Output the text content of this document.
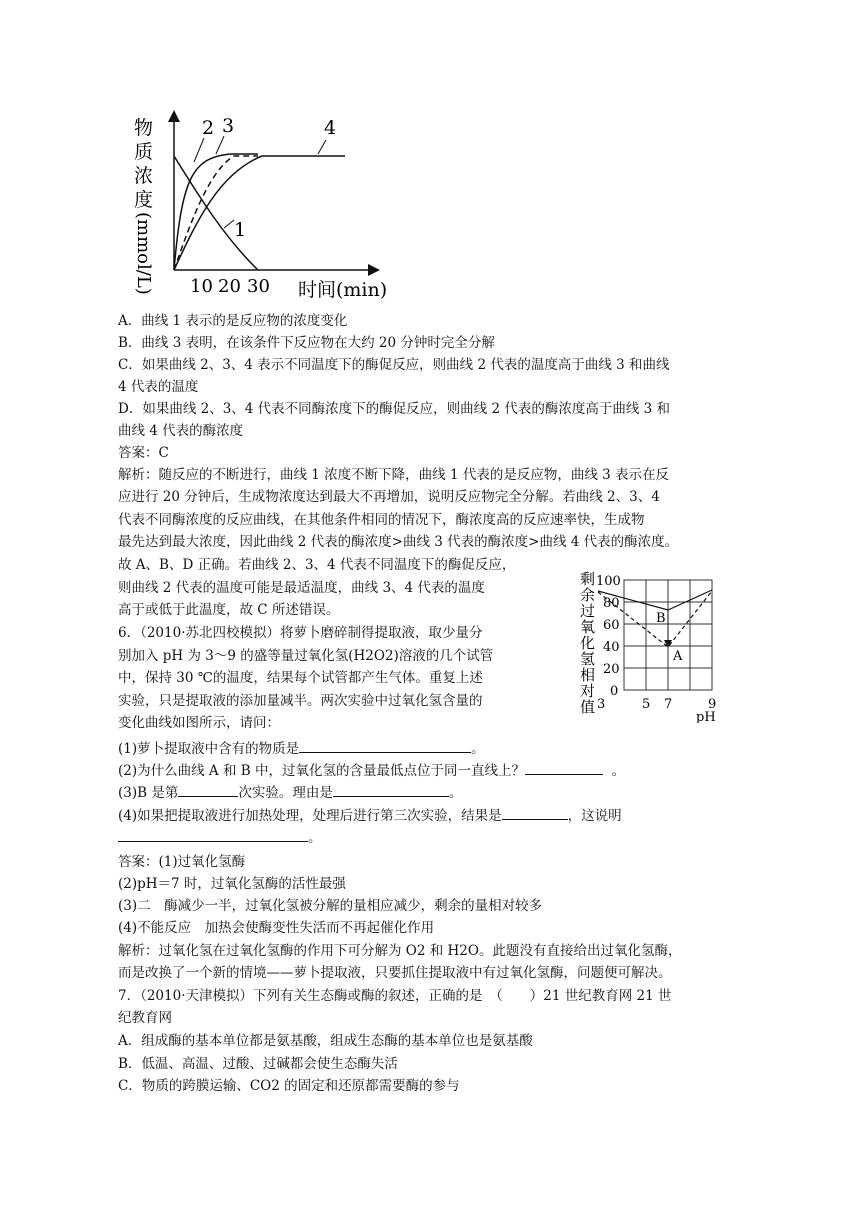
物
质
浓
度
(mmol/L) 10 20 30 时间(min)
1
2 3	4
A．曲线 1 表示的是反应物的浓度变化
B．曲线 3 表明，在该条件下反应物在大约 20 分钟时完全分解
C．如果曲线 2、3、4 表示不同温度下的酶促反应，则曲线 2 代表的温度高于曲线 3 和曲线
4 代表的温度
D．如果曲线 2、3、4 代表不同酶浓度下的酶促反应，则曲线 2 代表的酶浓度高于曲线 3 和
曲线 4 代表的酶浓度
答案：C
解析：随反应的不断进行，曲线 1 浓度不断下降，曲线 1 代表的是反应物，曲线 3 表示在反
应进行 20 分钟后，生成物浓度达到最大不再增加，说明反应物完全分解。若曲线 2、3、4
代表不同酶浓度的反应曲线，在其他条件相同的情况下，酶浓度高的反应速率快，生成物
最先达到最大浓度，因此曲线 2 代表的酶浓度>曲线 3 代表的酶浓度>曲线 4 代表的酶浓度。
故 A、B、D 正确。若曲线 2、3、4 代表不同温度下的酶促反应，
则曲线 2 代表的温度可能是最适温度，曲线 3、4 代表的温度
高于或低于此温度，故 C 所述错误。
6．（2010·苏北四校模拟）将萝卜磨碎制得提取液，取少量分
别加入 pH 为 3～9 的盛等量过氧化氢(H2O2)溶液的几个试管
中，保持 30 ℃的温度，结果每个试管都产生气体。重复上述
实验，只是提取液的添加量减半。两次实验中过氧化氢含量的
变化曲线如图所示，请问：
剩
余
过
氧
化
氢
相
对
值
100
80
60
40
20
0
3	5 7	9
pH
A
B
(1)萝卜提取液中含有的物质是	。
(2)为什么曲线 A 和 B 中，过氧化氢的含量最低点位于同一直线上？	。
(3)B 是第	次实验。理由是	。
(4)如果把提取液进行加热处理，处理后进行第三次实验，结果是	，这说明
。
答案：(1)过氧化氢酶
(2)pH＝7 时，过氧化氢酶的活性最强
(3)二　酶减少一半，过氧化氢被分解的量相应减少，剩余的量相对较多
(4)不能反应　加热会使酶变性失活而不再起催化作用
解析：过氧化氢在过氧化氢酶的作用下可分解为 O2 和 H2O。此题没有直接给出过氧化氢酶，
而是改换了一个新的情境——萝卜提取液，只要抓住提取液中有过氧化氢酶，问题便可解决。
7．（2010·天津模拟）下列有关生态酶或酶的叙述，正确的是　（　　）21 世纪教育网 21 世
纪教育网
A．组成酶的基本单位都是氨基酸，组成生态酶的基本单位也是氨基酸
B．低温、高温、过酸、过碱都会使生态酶失活
C．物质的跨膜运输、CO2 的固定和还原都需要酶的参与
